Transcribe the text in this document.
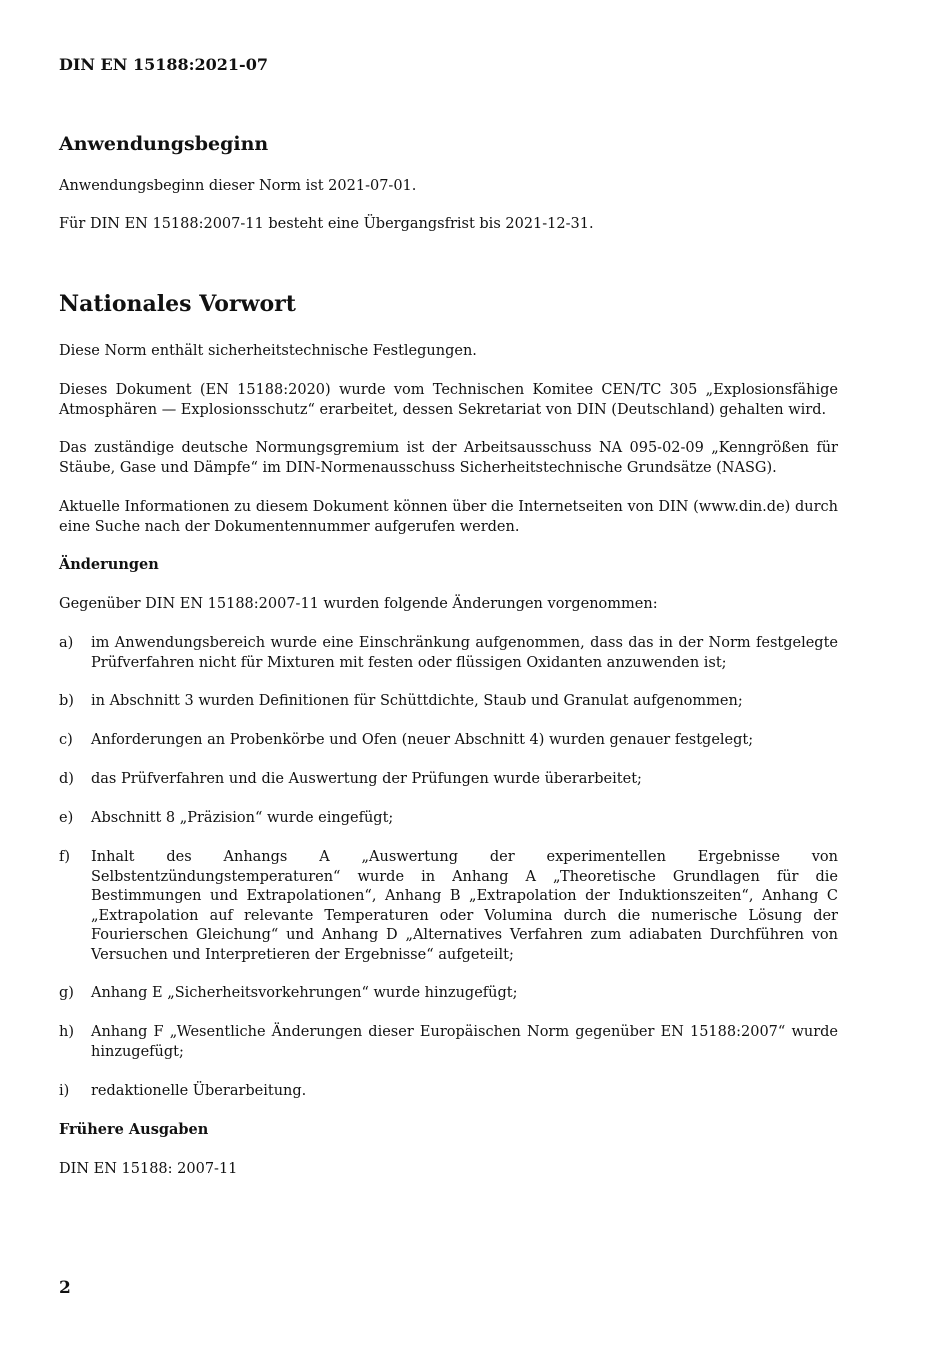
DIN EN 15188:2021-07
Anwendungsbeginn

Anwendungsbeginn dieser Norm ist 2021-07-01.

Für DIN EN 15188:2007-11 besteht eine Übergangsfrist bis 2021-12-31.

Nationales Vorwort

Diese Norm enthält sicherheitstechnische Festlegungen.

Dieses Dokument (EN 15188:2020) wurde vom Technischen Komitee CEN/TC 305 „Explosionsfähige Atmosphären — Explosionsschutz“ erarbeitet, dessen Sekretariat von DIN (Deutschland) gehalten wird.

Das zuständige deutsche Normungsgremium ist der Arbeitsausschuss NA 095-02-09 „Kenngrößen für Stäube, Gase und Dämpfe“ im DIN-Normenausschuss Sicherheitstechnische Grundsätze (NASG).

Aktuelle Informationen zu diesem Dokument können über die Internetseiten von DIN (www.din.de) durch eine Suche nach der Dokumentennummer aufgerufen werden.

Änderungen

Gegenüber DIN EN 15188:2007-11 wurden folgende Änderungen vorgenommen:

a)	im Anwendungsbereich wurde eine Einschränkung aufgenommen, dass das in der Norm festgelegte Prüfverfahren nicht für Mixturen mit festen oder flüssigen Oxidanten anzuwenden ist;
b)	in Abschnitt 3 wurden Definitionen für Schüttdichte, Staub und Granulat aufgenommen;
c)	Anforderungen an Probenkörbe und Ofen (neuer Abschnitt 4) wurden genauer festgelegt;
d)	das Prüfverfahren und die Auswertung der Prüfungen wurde überarbeitet;
e)	Abschnitt 8 „Präzision“ wurde eingefügt;
f)	Inhalt des Anhangs A „Auswertung der experimentellen Ergebnisse von Selbstentzündungstemperaturen“ wurde in Anhang A „Theoretische Grundlagen für die Bestimmungen und Extrapolationen“, Anhang B „Extrapolation der Induktionszeiten“, Anhang C „Extrapolation auf relevante Temperaturen oder Volumina durch die numerische Lösung der Fourierschen Gleichung“ und Anhang D „Alternatives Verfahren zum adiabaten Durchführen von Versuchen und Interpretieren der Ergebnisse“ aufgeteilt;
g)	Anhang E „Sicherheitsvorkehrungen“ wurde hinzugefügt;
h)	Anhang F „Wesentliche Änderungen dieser Europäischen Norm gegenüber EN 15188:2007“ wurde hinzugefügt;
i)	redaktionelle Überarbeitung.
Frühere Ausgaben

DIN EN 15188: 2007-11

2
